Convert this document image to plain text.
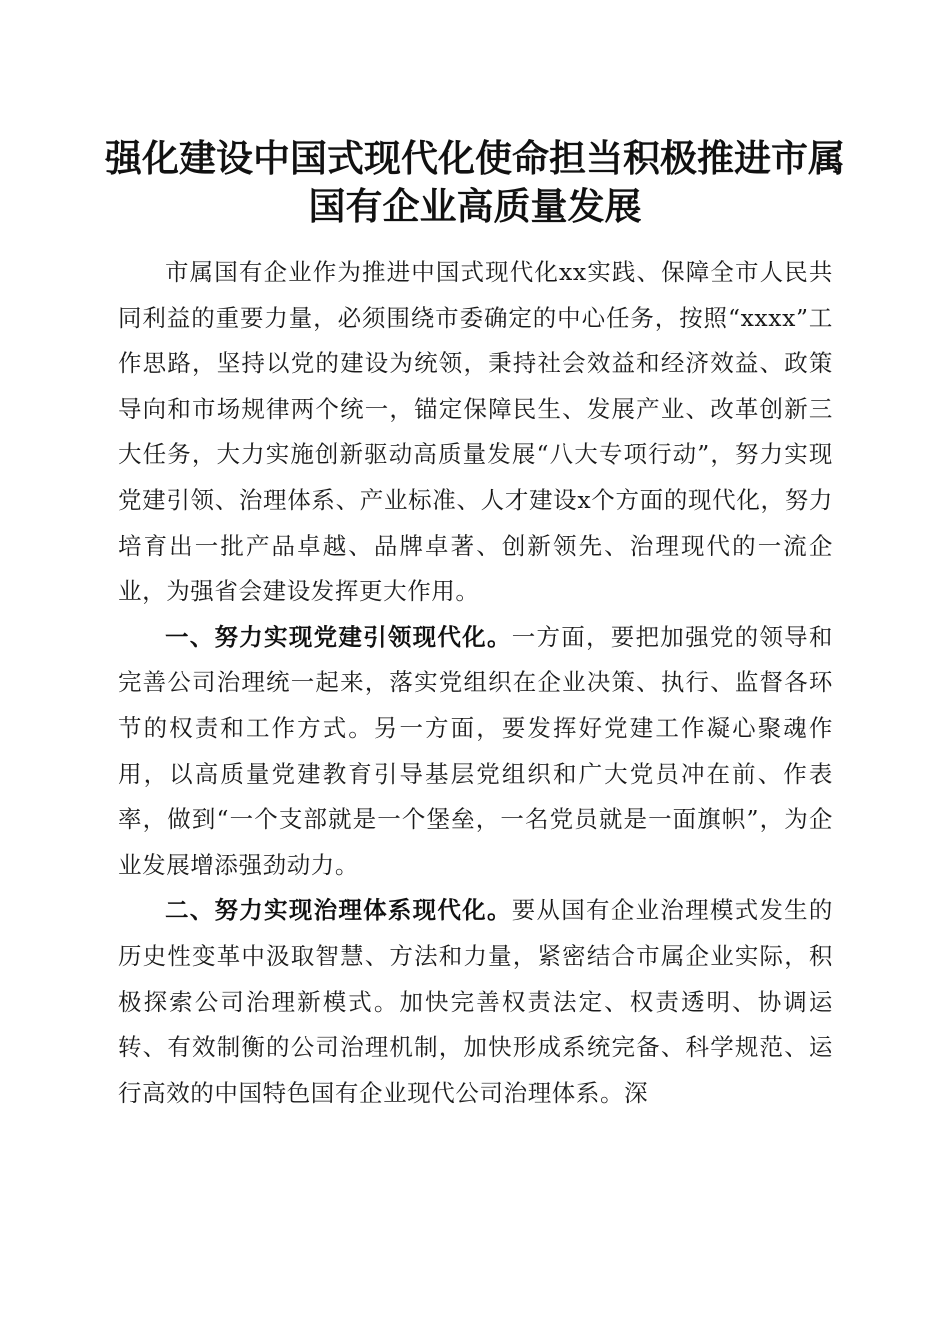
强化建设中国式现代化使命担当积极推进市属
国有企业高质量发展

市属国有企业作为推进中国式现代化xx实践、保障全市人民共同利益的重要力量，必须围绕市委确定的中心任务，按照“xxxx”工作思路，坚持以党的建设为统领，秉持社会效益和经济效益、政策导向和市场规律两个统一，锚定保障民生、发展产业、改革创新三大任务，大力实施创新驱动高质量发展“八大专项行动”，努力实现党建引领、治理体系、产业标准、人才建设x个方面的现代化，努力培育出一批产品卓越、品牌卓著、创新领先、治理现代的一流企业，为强省会建设发挥更大作用。

一、努力实现党建引领现代化。一方面，要把加强党的领导和完善公司治理统一起来，落实党组织在企业决策、执行、监督各环节的权责和工作方式。另一方面，要发挥好党建工作凝心聚魂作用，以高质量党建教育引导基层党组织和广大党员冲在前、作表率，做到“一个支部就是一个堡垒，一名党员就是一面旗帜”，为企业发展增添强劲动力。

二、努力实现治理体系现代化。要从国有企业治理模式发生的历史性变革中汲取智慧、方法和力量，紧密结合市属企业实际，积极探索公司治理新模式。加快完善权责法定、权责透明、协调运转、有效制衡的公司治理机制，加快形成系统完备、科学规范、运行高效的中国特色国有企业现代公司治理体系。深
